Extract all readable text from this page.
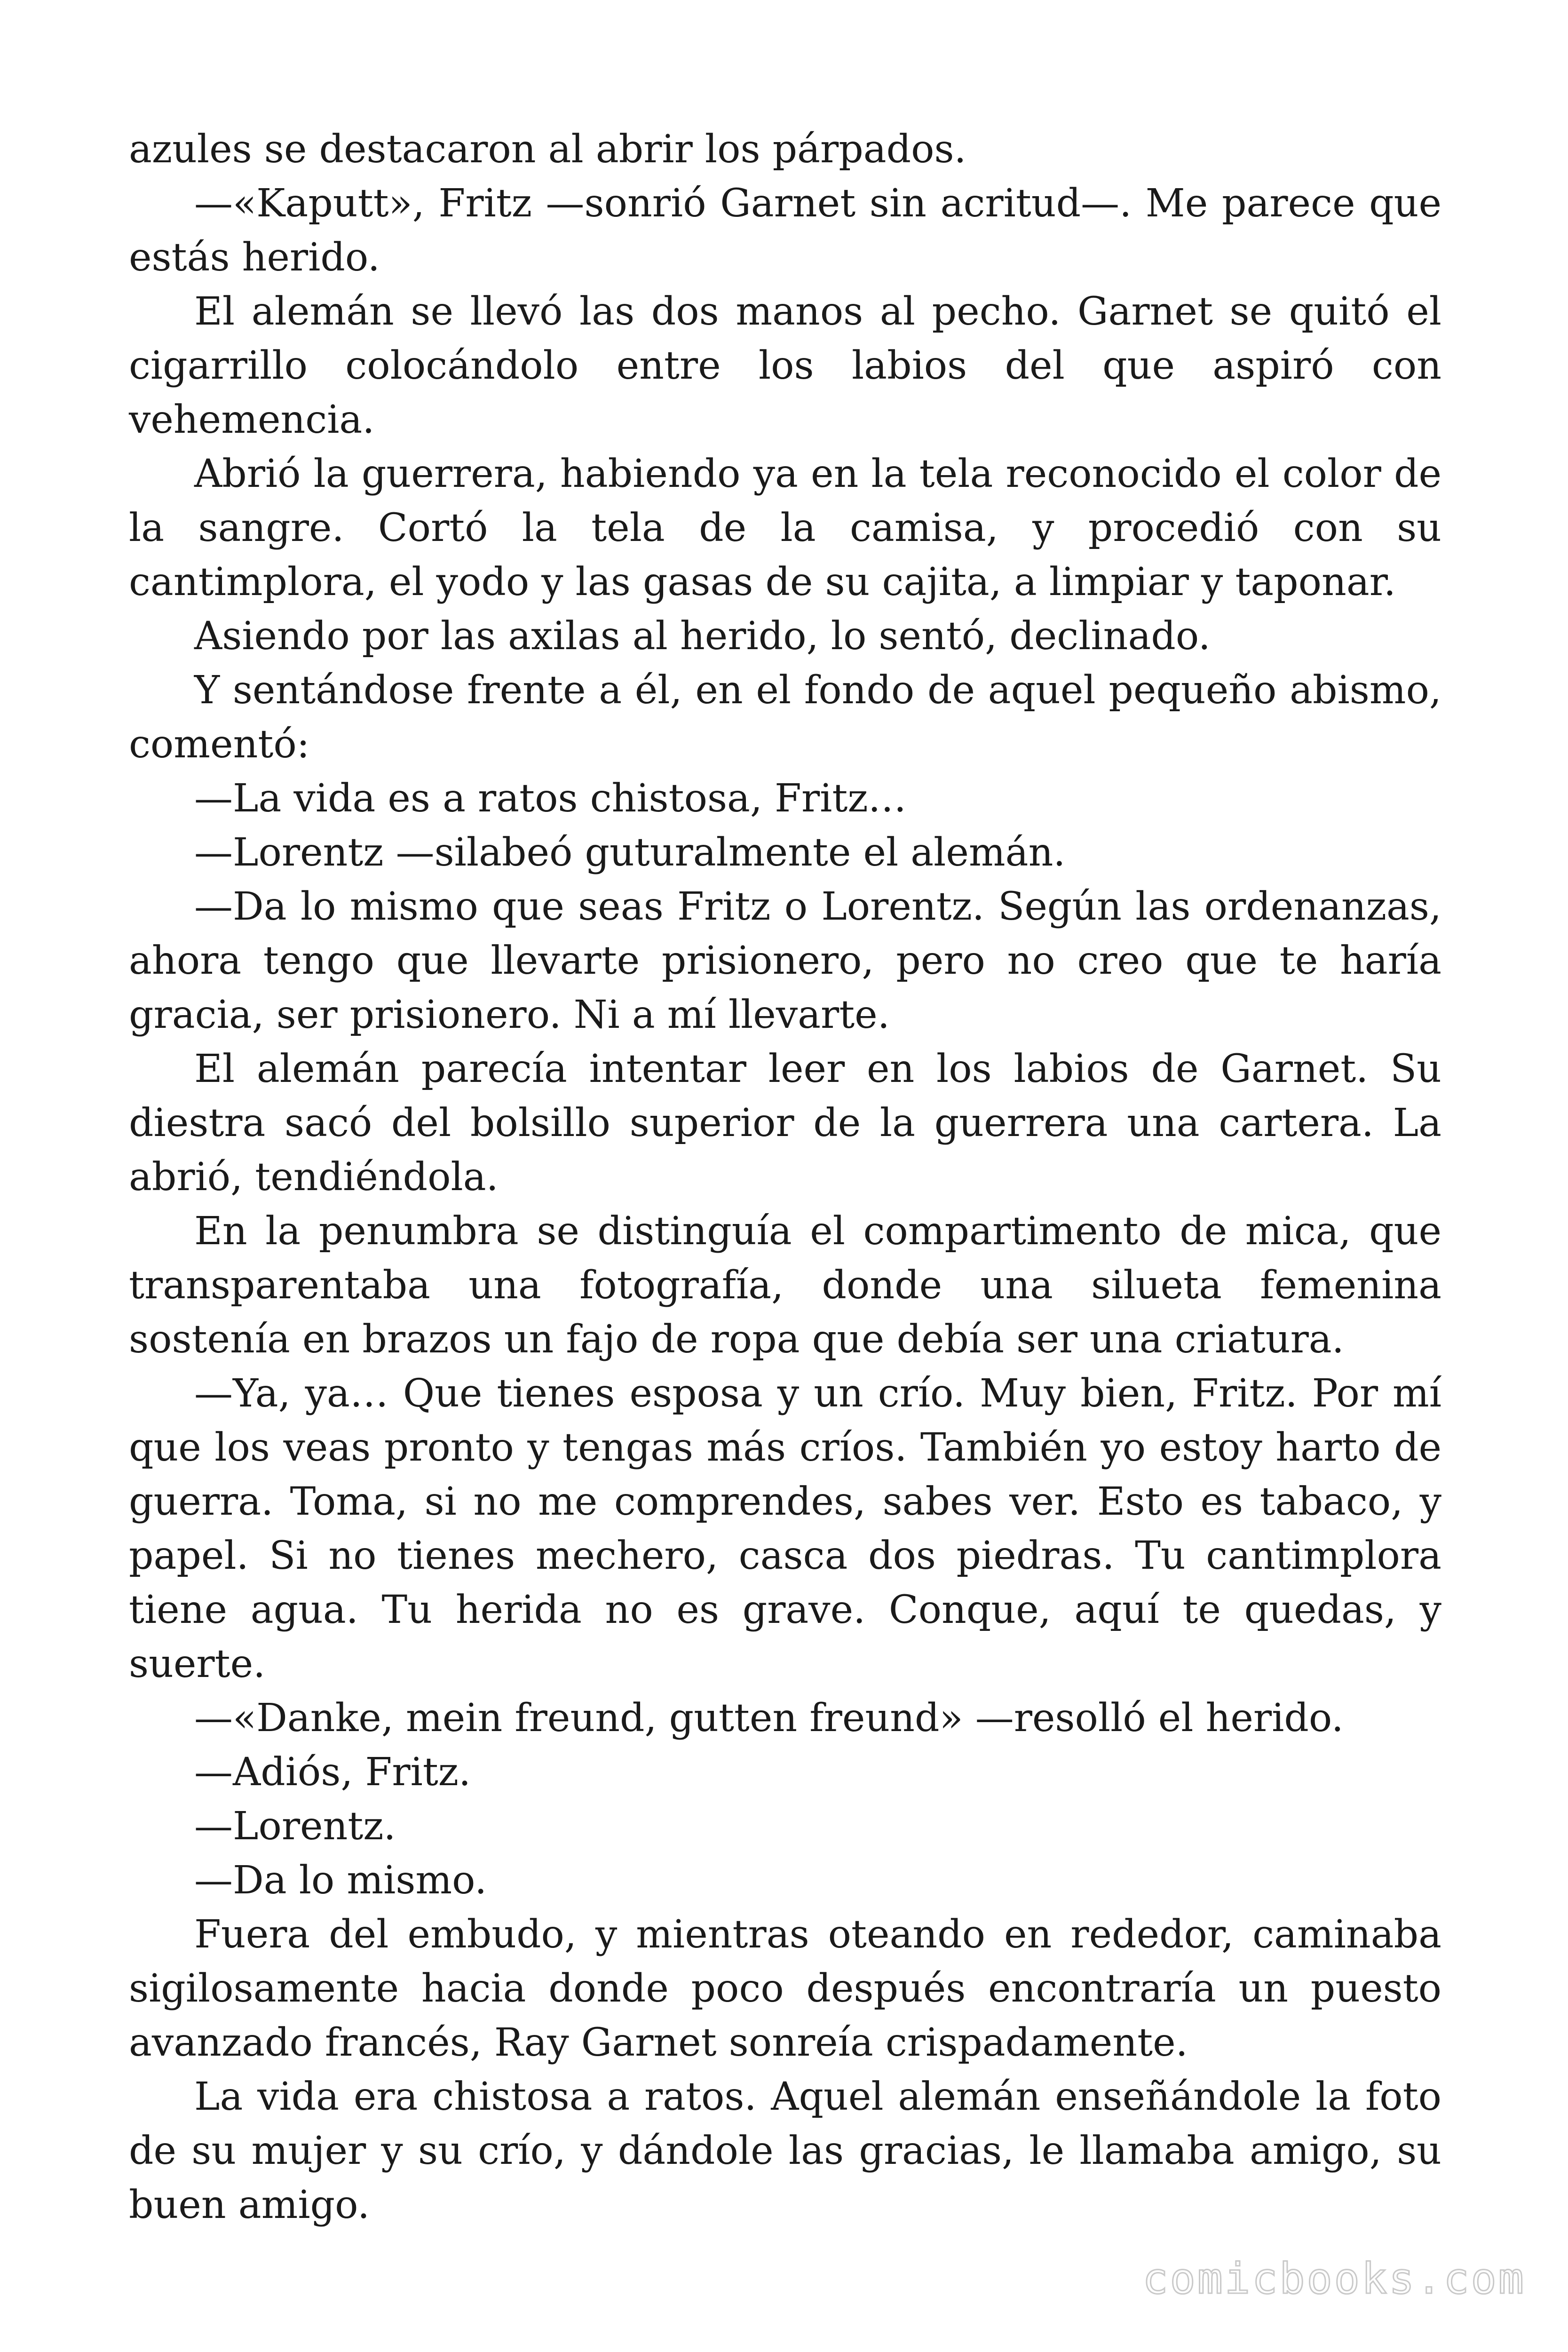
azules se destacaron al abrir los párpados.

—«Kaputt», Fritz —sonrió Garnet sin acritud—. Me parece que estás herido.

El alemán se llevó las dos manos al pecho. Garnet se quitó el cigarrillo colocándolo entre los labios del que aspiró con vehemencia.

Abrió la guerrera, habiendo ya en la tela reconocido el color de la sangre. Cortó la tela de la camisa, y procedió con su cantimplora, el yodo y las gasas de su cajita, a limpiar y taponar.

Asiendo por las axilas al herido, lo sentó, declinado.

Y sentándose frente a él, en el fondo de aquel pequeño abismo, comentó:

—La vida es a ratos chistosa, Fritz…

—Lorentz —silabeó guturalmente el alemán.

—Da lo mismo que seas Fritz o Lorentz. Según las ordenanzas, ahora tengo que llevarte prisionero, pero no creo que te haría gracia, ser prisionero. Ni a mí llevarte.

El alemán parecía intentar leer en los labios de Garnet. Su diestra sacó del bolsillo superior de la guerrera una cartera. La abrió, tendiéndola.

En la penumbra se distinguía el compartimento de mica, que transparentaba una fotografía, donde una silueta femenina sostenía en brazos un fajo de ropa que debía ser una criatura.

—Ya, ya… Que tienes esposa y un crío. Muy bien, Fritz. Por mí que los veas pronto y tengas más críos. También yo estoy harto de guerra. Toma, si no me comprendes, sabes ver. Esto es tabaco, y papel. Si no tienes mechero, casca dos piedras. Tu cantimplora tiene agua. Tu herida no es grave. Conque, aquí te quedas, y suerte.

—«Danke, mein freund, gutten freund» —resolló el herido.

—Adiós, Fritz.

—Lorentz.

—Da lo mismo.

Fuera del embudo, y mientras oteando en rededor, caminaba sigilosamente hacia donde poco después encontraría un puesto avanzado francés, Ray Garnet sonreía crispadamente.

La vida era chistosa a ratos. Aquel alemán enseñándole la foto de su mujer y su crío, y dándole las gracias, le llamaba amigo, su buen amigo.

comicbooks.com
